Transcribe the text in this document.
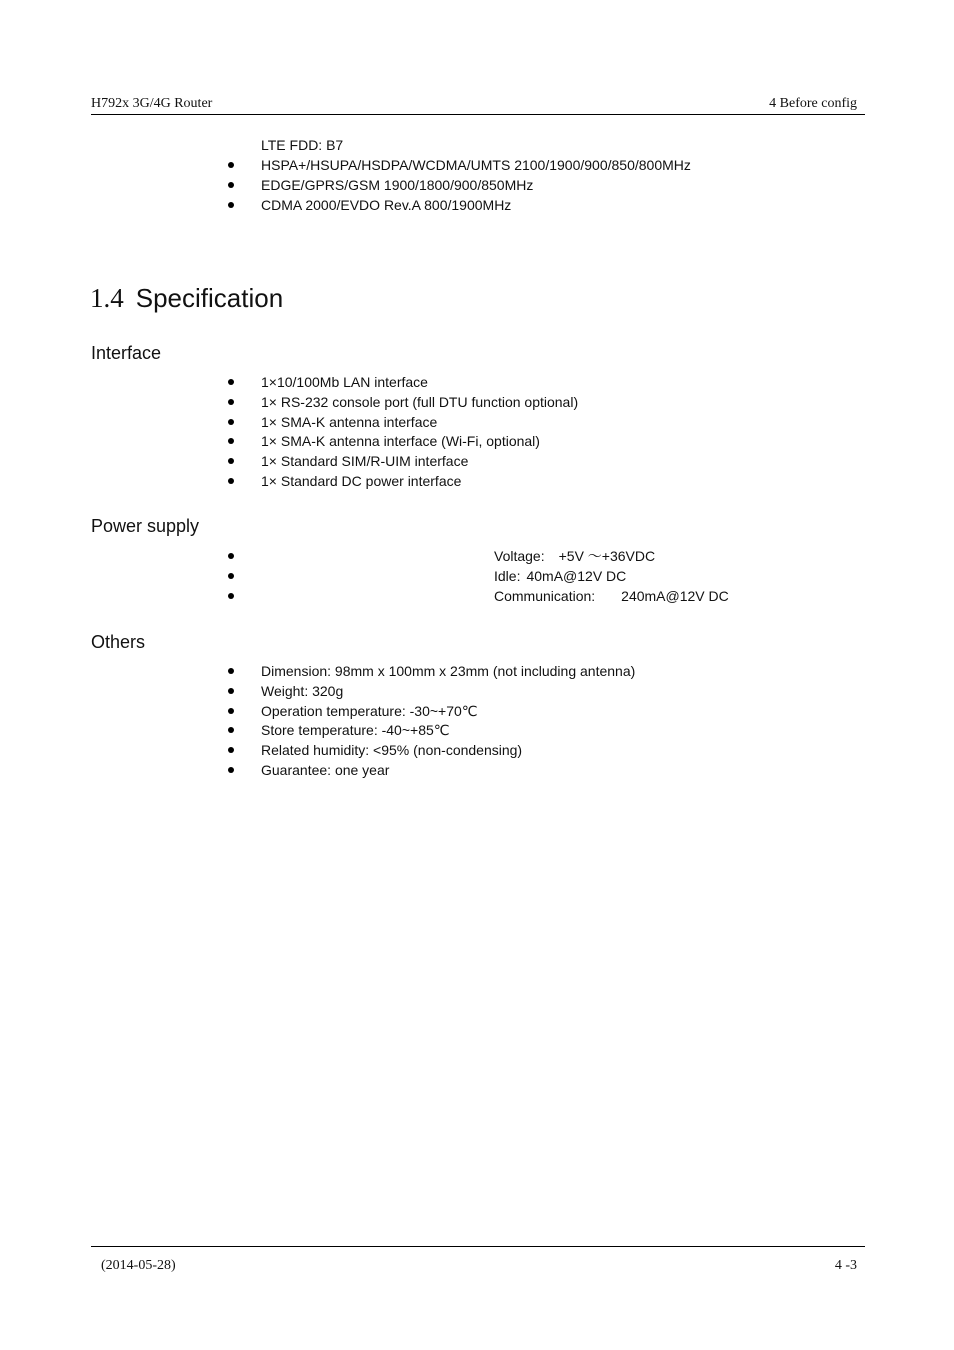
H792x 3G/4G Router	4 Before config
LTE FDD: B7
HSPA+/HSUPA/HSDPA/WCDMA/UMTS 2100/1900/900/850/800MHz
EDGE/GPRS/GSM 1900/1800/900/850MHz
CDMA 2000/EVDO Rev.A 800/1900MHz
1.4 Specification
Interface
1×10/100Mb LAN interface
1× RS-232 console port (full DTU function optional)
1× SMA-K antenna interface
1× SMA-K antenna interface (Wi-Fi, optional)
1× Standard SIM/R-UIM interface
1× Standard DC power interface
Power supply
Voltage: +5V ～+36VDC
Idle: 40mA@12V DC
Communication: 240mA@12V DC
Others
Dimension: 98mm x 100mm x 23mm (not including antenna)
Weight: 320g
Operation temperature: -30~+70℃
Store temperature: -40~+85℃
Related humidity: <95% (non-condensing)
Guarantee: one year
(2014-05-28)	4 -3
